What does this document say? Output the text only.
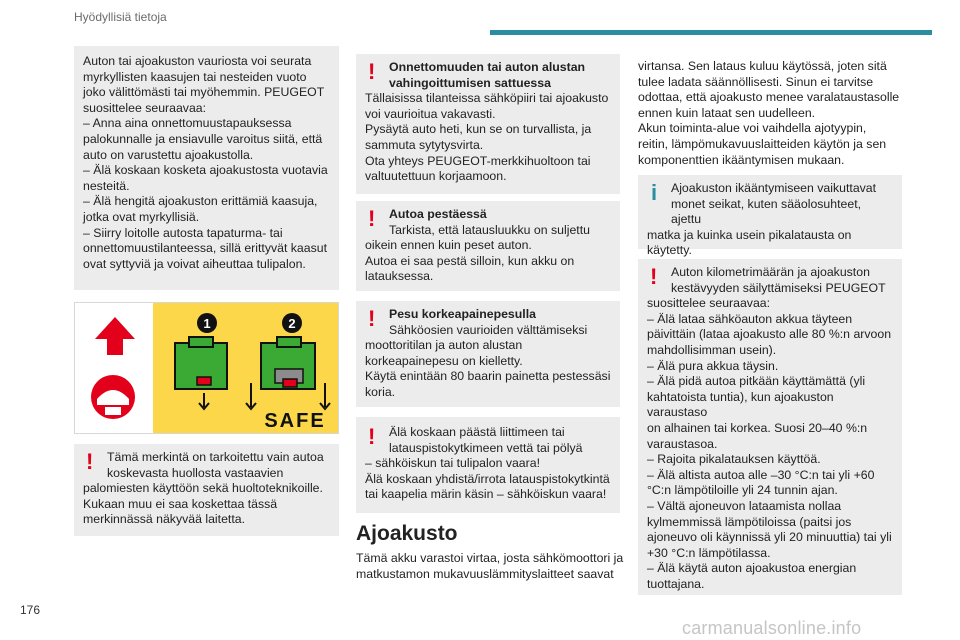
Hyödyllisiä tietoja

Auton tai ajoakuston vauriosta voi seurata

myrkyllisten kaasujen tai nesteiden vuoto

joko välittömästi tai myöhemmin. PEUGEOT

suosittelee seuraavaa:

– Anna aina onnettomuustapauksessa

palokunnalle ja ensiavulle varoitus siitä, että

auto on varustettu ajoakustolla.

– Älä koskaan kosketa ajoakustosta vuotavia

nesteitä.

– Älä hengitä ajoakuston erittämiä kaasuja,

jotka ovat myrkyllisiä.

– Siirry loitolle autosta tapaturma- tai

onnettomuustilanteessa, sillä erittyvät kaasut

ovat syttyviä ja voivat aiheuttaa tulipalon.

1	2
SAFE
!	Tämä merkintä on tarkoitettu vain autoa

koskevasta huollosta vastaavien

palomiesten käyttöön sekä huoltoteknikoille.

Kukaan muu ei saa koskettaa tässä

merkinnässä näkyvää laitetta.

!	Onnettomuuden tai auton alustan

vahingoittumisen sattuessa

Tällaisissa tilanteissa sähköpiiri tai ajoakusto

voi vaurioitua vakavasti.

Pysäytä auto heti, kun se on turvallista, ja

sammuta sytytysvirta.

Ota yhteys PEUGEOT-merkkihuoltoon tai

valtuutettuun korjaamoon.

!	Autoa pestäessä

Tarkista, että latausluukku on suljettu

oikein ennen kuin peset auton.

Autoa ei saa pestä silloin, kun akku on

latauksessa.

!	Pesu korkeapainepesulla

Sähköosien vaurioiden välttämiseksi

moottoritilan ja auton alustan

korkeapainepesu on kielletty.

Käytä enintään 80 baarin painetta pestessäsi

koria.

!	Älä koskaan päästä liittimeen tai

latauspistokytkimeen vettä tai pölyä

– sähköiskun tai tulipalon vaara!

Älä koskaan yhdistä/irrota latauspistokytkintä

tai kaapelia märin käsin – sähköiskun vaara!

Ajoakusto
Tämä akku varastoi virtaa, josta sähkömoottori ja
matkustamon mukavuuslämmityslaitteet saavat
virtansa. Sen lataus kuluu käytössä, joten sitä
tulee ladata säännöllisesti. Sinun ei tarvitse
odottaa, että ajoakusto menee varalataustasolle
ennen kuin lataat sen uudelleen.
Akun toiminta-alue voi vaihdella ajotyypin,
reitin, lämpömukavuuslaitteiden käytön ja sen
komponenttien ikääntymisen mukaan.
i	Ajoakuston ikääntymiseen vaikuttavat

monet seikat, kuten sääolosuhteet, ajettu

matka ja kuinka usein pikalatausta on

käytetty.

!	Auton kilometrimäärän ja ajoakuston

kestävyyden säilyttämiseksi PEUGEOT

suosittelee seuraavaa:

– Älä lataa sähköauton akkua täyteen

päivittäin (lataa ajoakusto alle 80 %:n arvoon

mahdollisimman usein).

– Älä pura akkua täysin.

– Älä pidä autoa pitkään käyttämättä (yli

kahtatoista tuntia), kun ajoakuston varaustaso

on alhainen tai korkea. Suosi 20–40 %:n

varaustasoa.

– Rajoita pikalatauksen käyttöä.

– Älä altista autoa alle –30 °C:n tai yli +60

°C:n lämpötiloille yli 24 tunnin ajan.

– Vältä ajoneuvon lataamista nollaa

kylmemmissä lämpötiloissa (paitsi jos

ajoneuvo oli käynnissä yli 20 minuuttia) tai yli

+30 °C:n lämpötilassa.

– Älä käytä auton ajoakustoa energian

tuottajana.

176
carmanualsonline.info
